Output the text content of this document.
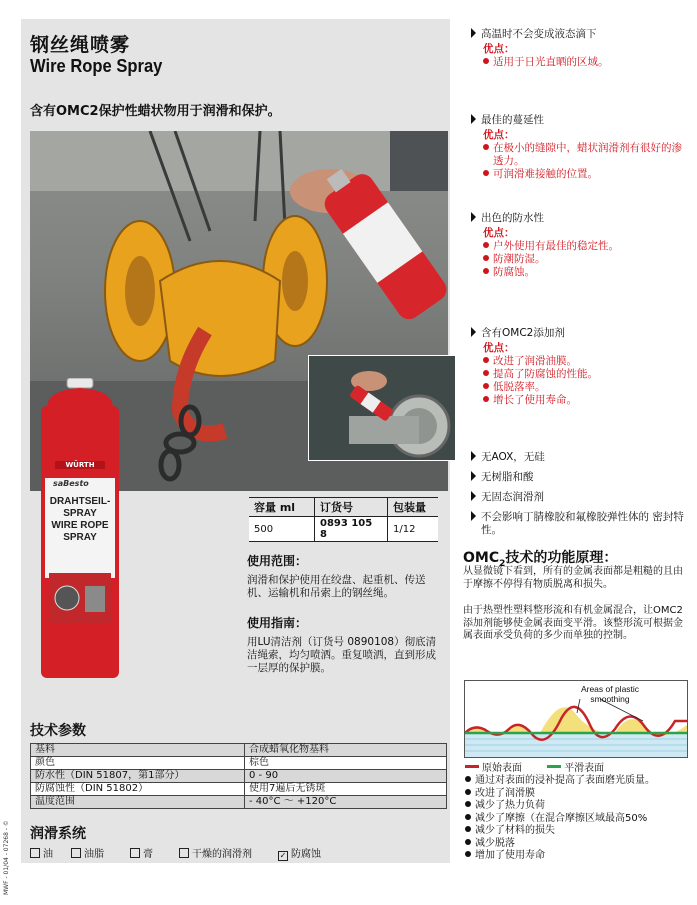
钢丝绳喷雾
Wire Rope Spray
含有OMC2保护性蜡状物用于润滑和保护。
WÜRTH
saBesto
DRAHTSEIL-
SPRAY
WIRE ROPE
SPRAY
容量 ml	订货号	包装量
500	0893 105 8	1/12
使用范围：
润滑和保护使用在绞盘、起重机、传送机、运输机和吊索上的钢丝绳。
使用指南：
用LU清洁剂（订货号 0890108）彻底清洁绳索，均匀喷洒。重复喷洒，直到形成一层厚的保护膜。
技术参数
基料	合成蜡氧化物基料
颜色	棕色
防水性（DIN 51807，第1部分）	0 - 90
防腐蚀性（DIN 51802）	使用7遍后无锈斑
温度范围	- 40°C ～ +120°C
润滑系统
油	油脂	膏	干燥的润滑剂	✓ 防腐蚀
MWF - 01/04 - 07268 - ©
高温时不会变成液态滴下
优点：
适用于日光直晒的区域。
最佳的蔓延性
优点：
在极小的缝隙中，蜡状润滑剂有很好的渗透力。
可润滑难接触的位置。
出色的防水性
优点：
户外使用有最佳的稳定性。
防潮防湿。
防腐蚀。
含有OMC2添加剂
优点：
改进了润滑油膜。
提高了防腐蚀的性能。
低脱落率。
增长了使用寿命。
无AOX，无硅
无树脂和酸
无固态润滑剂
不会影响丁腈橡胶和氟橡胶弹性体的 密封特性。
$OMC_2$技术的功能原理：
从显微镜下看到，所有的金属表面都是粗糙的且由于摩擦不停得有物质脱离和损失。
由于热塑性塑料整形流和有机金属混合，让OMC2添加剂能够使金属表面变平滑。该整形流可根据金属表面承受负荷的多少而单独的控制。
Areas of plastic smoothing
原始表面	平滑表面
通过对表面的浸补提高了表面磨光质量。
改进了润滑膜
减少了热力负荷
减少了摩擦（在混合摩擦区域最高50%
减少了材料的损失
减少脱落
增加了使用寿命
